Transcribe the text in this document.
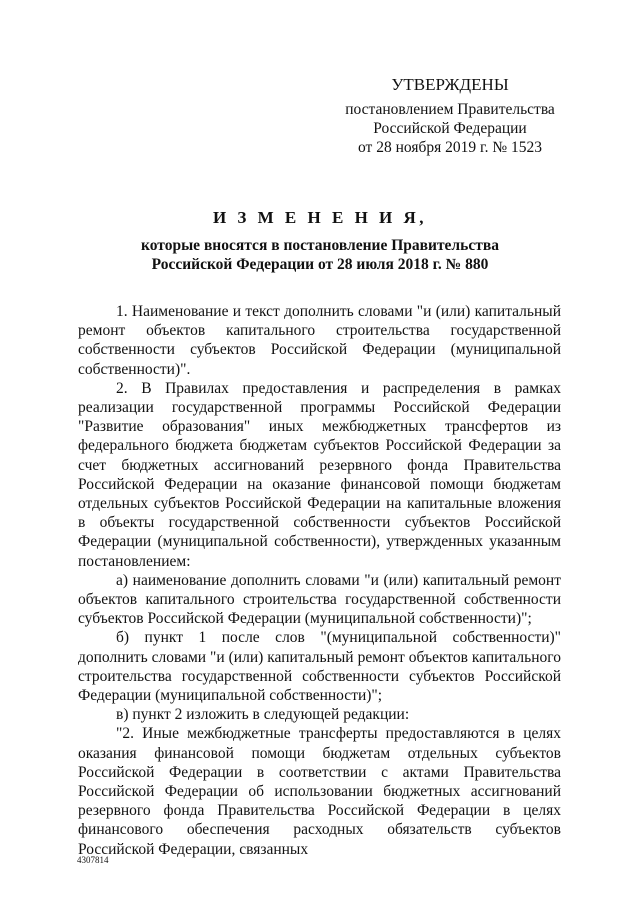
УТВЕРЖДЕНЫ
постановлением Правительства
Российской Федерации
от 28 ноября 2019 г. № 1523
И З М Е Н Е Н И Я,
которые вносятся в постановление Правительства
Российской Федерации от 28 июля 2018 г. № 880

1. Наименование и текст дополнить словами "и (или) капитальный ремонт объектов капитального строительства государственной собственности субъектов Российской Федерации (муниципальной собственности)".

2. В Правилах предоставления и распределения в рамках реализации государственной программы Российской Федерации "Развитие образования" иных межбюджетных трансфертов из федерального бюджета бюджетам субъектов Российской Федерации за счет бюджетных ассигнований резервного фонда Правительства Российской Федерации на оказание финансовой помощи бюджетам отдельных субъектов Российской Федерации на капитальные вложения в объекты государственной собственности субъектов Российской Федерации (муниципальной собственности), утвержденных указанным постановлением:

а) наименование дополнить словами "и (или) капитальный ремонт объектов капитального строительства государственной собственности субъектов Российской Федерации (муниципальной собственности)";

б) пункт 1 после слов "(муниципальной собственности)" дополнить словами "и (или) капитальный ремонт объектов капитального строительства государственной собственности субъектов Российской Федерации (муниципальной собственности)";

в) пункт 2 изложить в следующей редакции:

"2. Иные межбюджетные трансферты предоставляются в целях оказания финансовой помощи бюджетам отдельных субъектов Российской Федерации в соответствии с актами Правительства Российской Федерации об использовании бюджетных ассигнований резервного фонда Правительства Российской Федерации в целях финансового обеспечения расходных обязательств субъектов Российской Федерации, связанных

4307814
